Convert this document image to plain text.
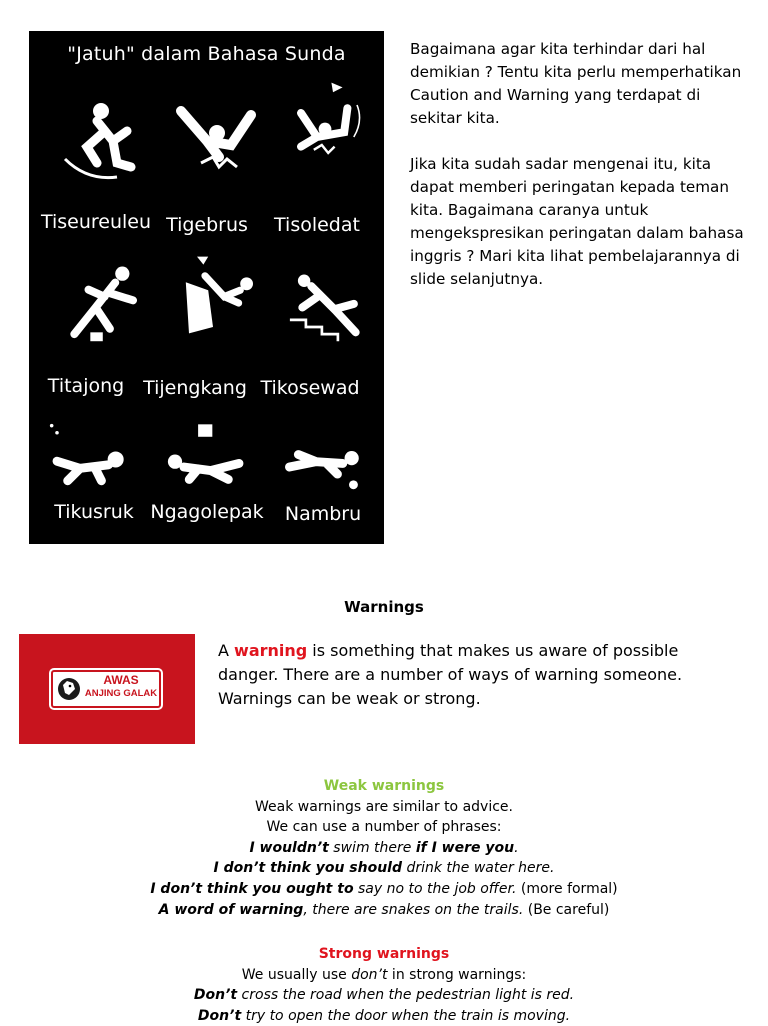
"Jatuh" dalam Bahasa Sunda
Tiseureuleu Tigebrus	Tisoledat
Titajong Tijengkang Tikosewad
Tikusruk Ngagolepak	Nambru

Bagaimana agar kita terhindar dari hal demikian ? Tentu kita perlu memperhatikan Caution and Warning yang terdapat di sekitar kita.

Jika kita sudah sadar mengenai itu, kita dapat memberi peringatan kepada teman kita. Bagaimana caranya untuk mengekspresikan peringatan dalam bahasa inggris ? Mari kita lihat pembelajarannya di slide selanjutnya.

Warnings
AWAS
ANJING GALAK
A warning is something that makes us aware of possible danger. There are a number of ways of warning someone. Warnings can be weak or strong.
Weak warnings
Weak warnings are similar to advice.
We can use a number of phrases:
I wouldn’t swim there if I were you.
I don’t think you should drink the water here.
I don’t think you ought to say no to the job offer. (more formal)
A word of warning, there are snakes on the trails. (Be careful)
Strong warnings
We usually use don’t in strong warnings:
Don’t cross the road when the pedestrian light is red.
Don’t try to open the door when the train is moving.
